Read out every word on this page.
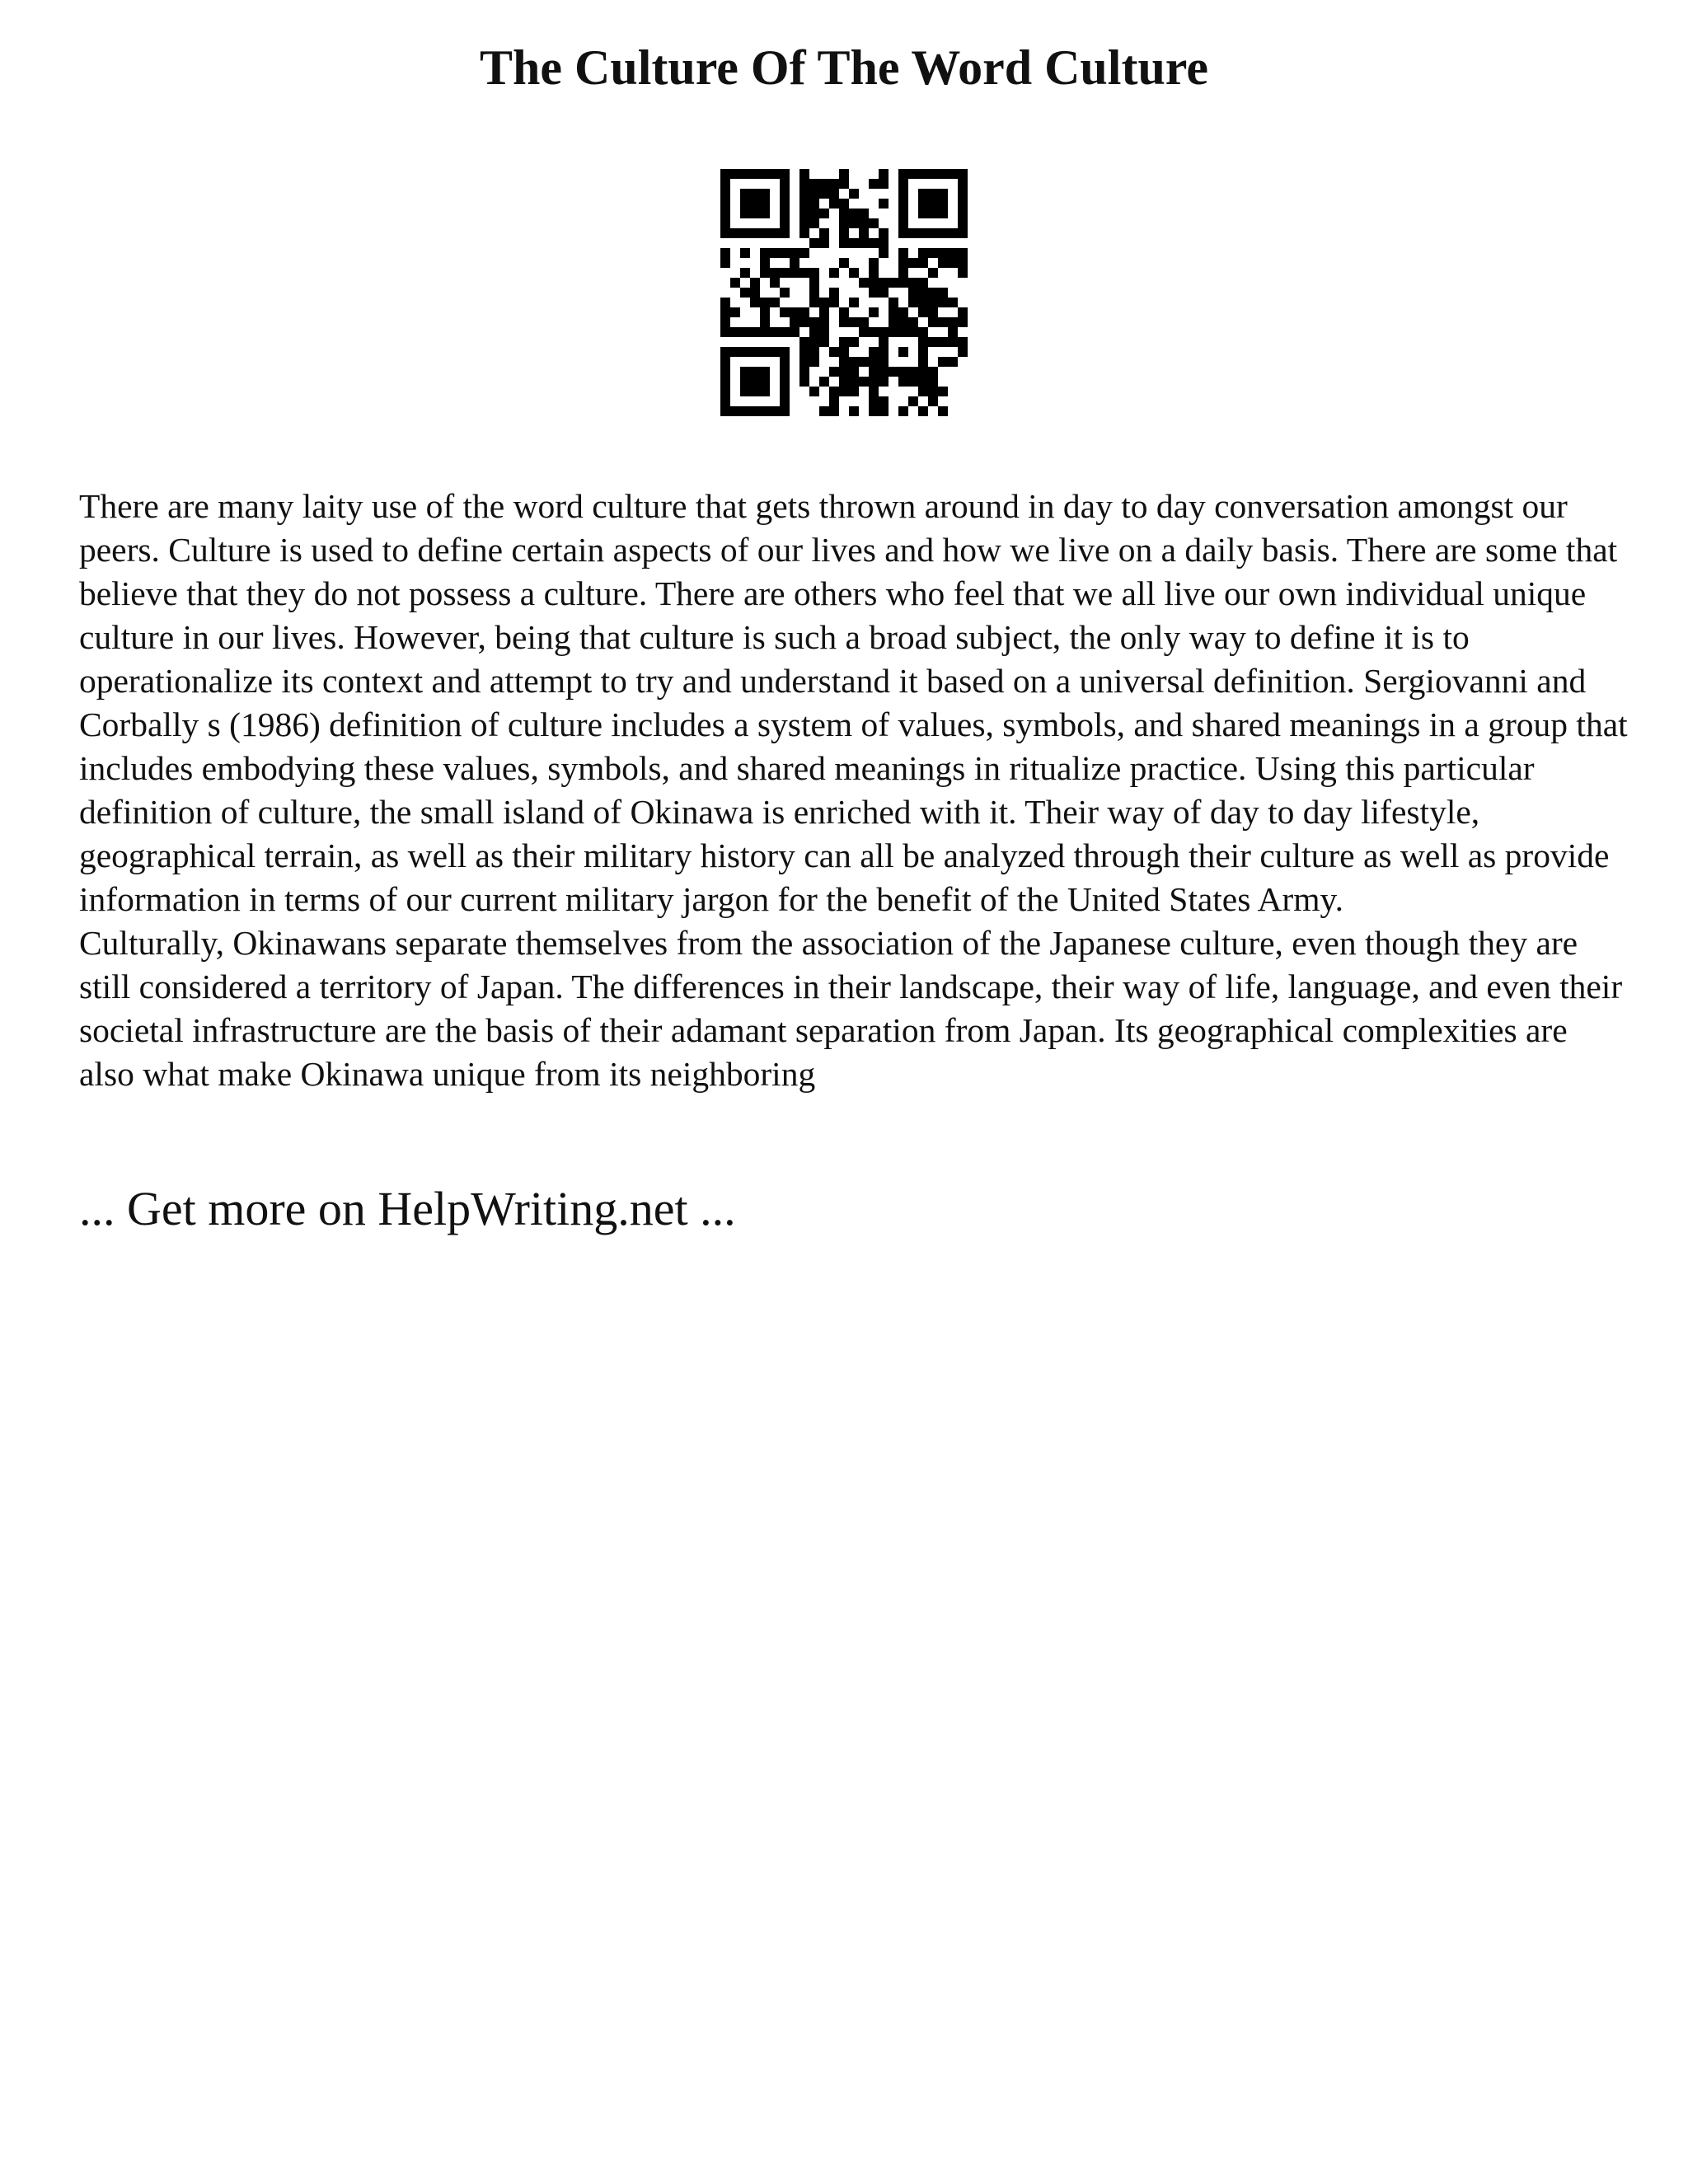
The Culture Of The Word Culture

There are many laity use of the word culture that gets thrown around in day to day conversation amongst our peers. Culture is used to define certain aspects of our lives and how we live on a daily basis. There are some that believe that they do not possess a culture. There are others who feel that we all live our own individual unique culture in our lives. However, being that culture is such a broad subject, the only way to define it is to operationalize its context and attempt to try and understand it based on a universal definition. Sergiovanni and Corbally s (1986) definition of culture includes a system of values, symbols, and shared meanings in a group that includes embodying these values, symbols, and shared meanings in ritualize practice. Using this particular definition of culture, the small island of Okinawa is enriched with it. Their way of day to day lifestyle, geographical terrain, as well as their military history can all be analyzed through their culture as well as provide information in terms of our current military jargon for the benefit of the United States Army.

Culturally, Okinawans separate themselves from the association of the Japanese culture, even though they are still considered a territory of Japan. The differences in their landscape, their way of life, language, and even their societal infrastructure are the basis of their adamant separation from Japan. Its geographical complexities are also what make Okinawa unique from its neighboring

... Get more on HelpWriting.net ...
